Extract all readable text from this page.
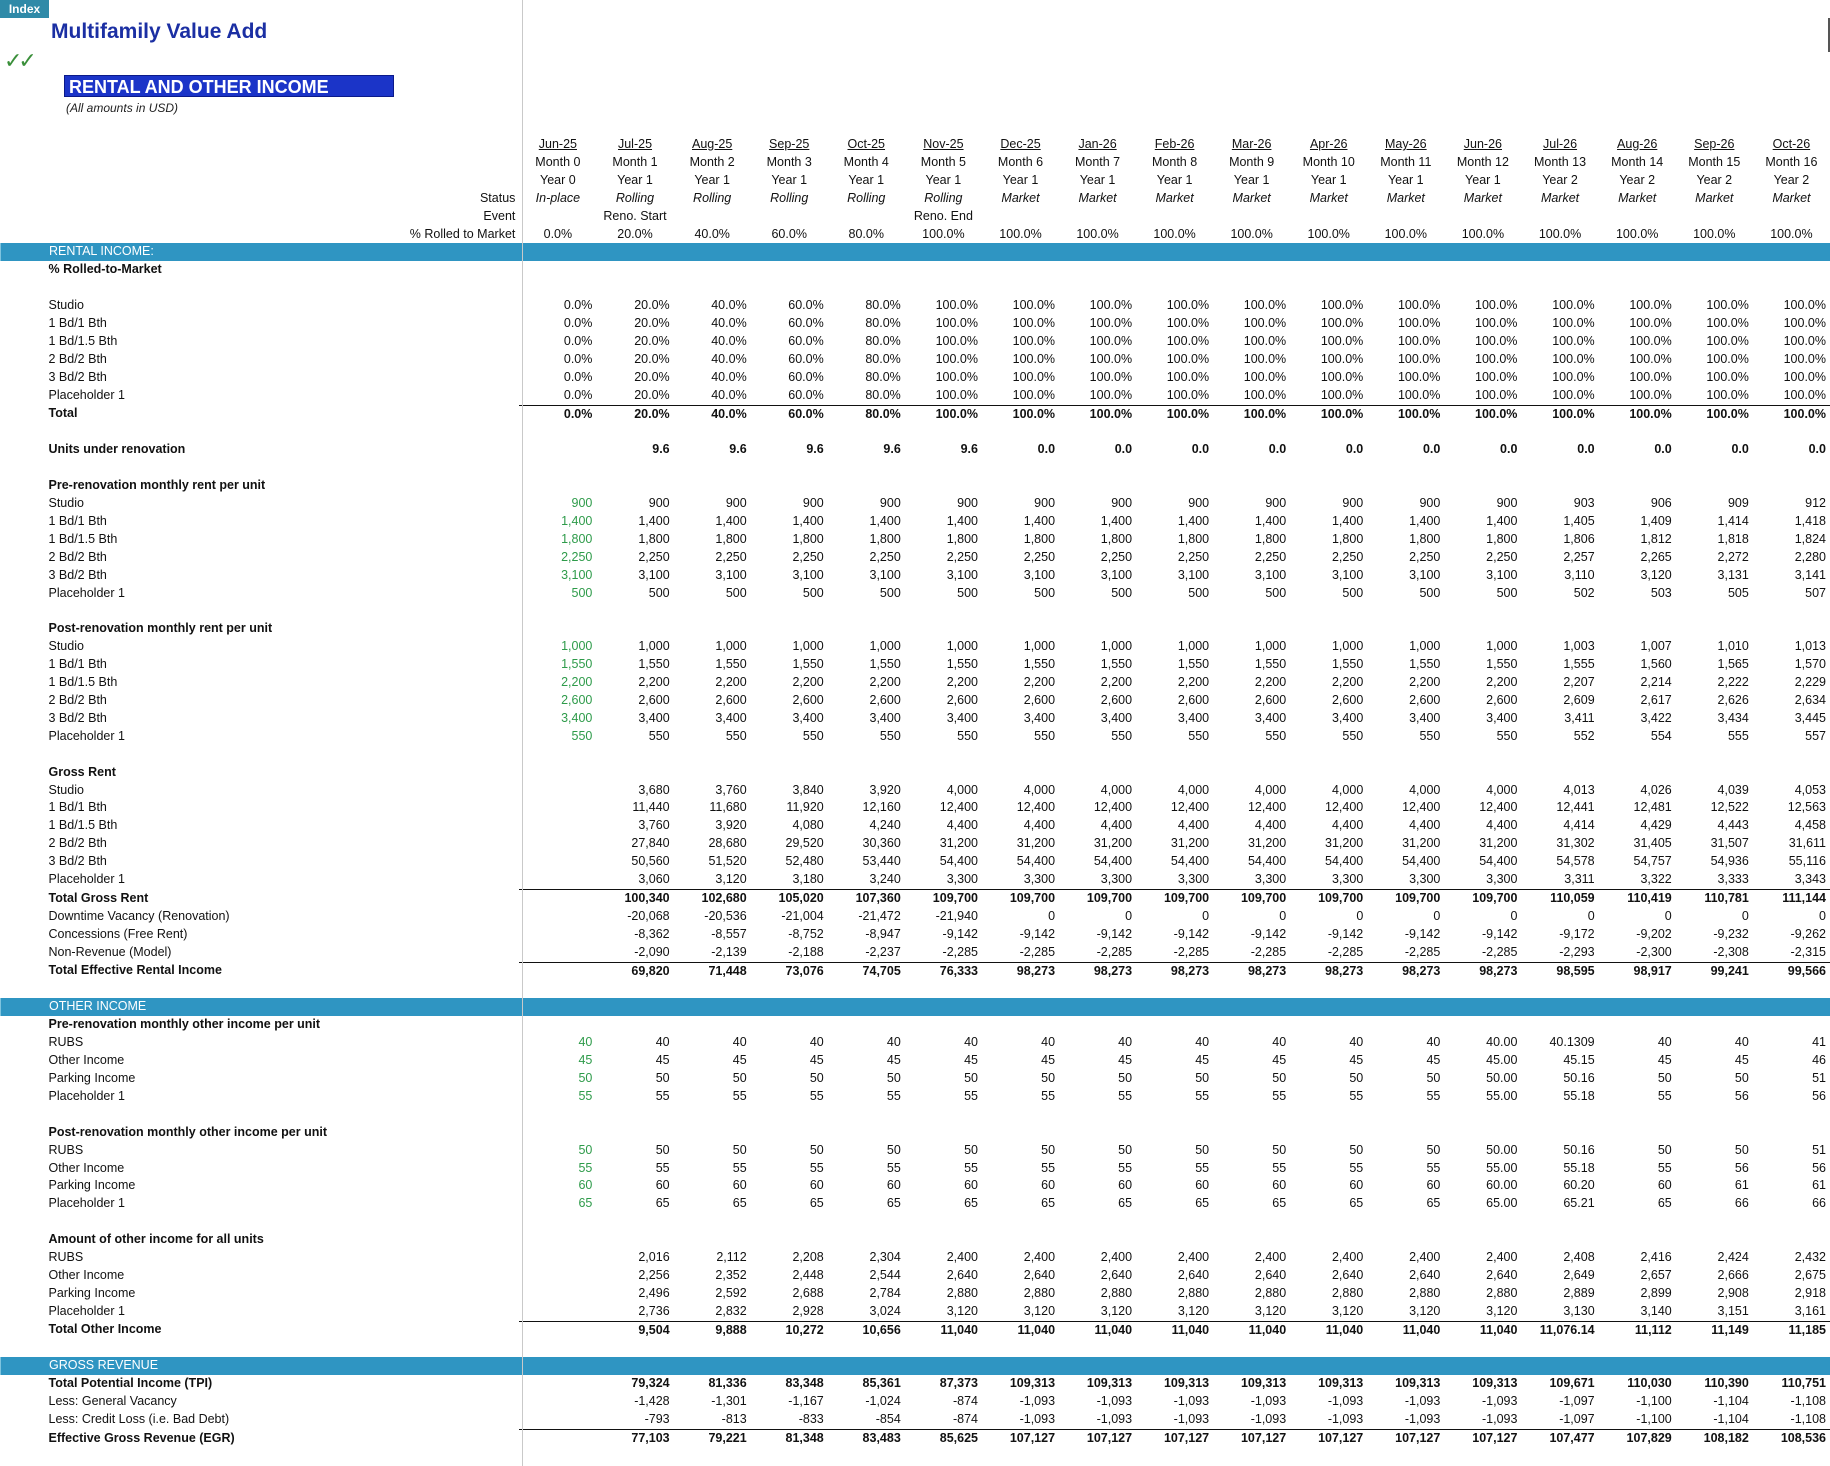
Index
Multifamily Value Add
✓✓
RENTAL AND OTHER INCOME
(All amounts in USD)
	Jun-25	Jul-25	Aug-25	Sep-25	Oct-25	Nov-25	Dec-25	Jan-26	Feb-26	Mar-26	Apr-26	May-26	Jun-26	Jul-26	Aug-26	Sep-26	Oct-26
	Month 0	Month 1	Month 2	Month 3	Month 4	Month 5	Month 6	Month 7	Month 8	Month 9	Month 10	Month 11	Month 12	Month 13	Month 14	Month 15	Month 16
	Year 0	Year 1	Year 1	Year 1	Year 1	Year 1	Year 1	Year 1	Year 1	Year 1	Year 1	Year 1	Year 1	Year 2	Year 2	Year 2	Year 2
Status	In-place	Rolling	Rolling	Rolling	Rolling	Rolling	Market	Market	Market	Market	Market	Market	Market	Market	Market	Market	Market
Event		Reno. Start				Reno. End											
% Rolled to Market	0.0%	20.0%	40.0%	60.0%	80.0%	100.0%	100.0%	100.0%	100.0%	100.0%	100.0%	100.0%	100.0%	100.0%	100.0%	100.0%	100.0%
RENTAL INCOME:																	
% Rolled-to-Market																	

Studio	0.0%	20.0%	40.0%	60.0%	80.0%	100.0%	100.0%	100.0%	100.0%	100.0%	100.0%	100.0%	100.0%	100.0%	100.0%	100.0%	100.0%
1 Bd/1 Bth	0.0%	20.0%	40.0%	60.0%	80.0%	100.0%	100.0%	100.0%	100.0%	100.0%	100.0%	100.0%	100.0%	100.0%	100.0%	100.0%	100.0%
1 Bd/1.5 Bth	0.0%	20.0%	40.0%	60.0%	80.0%	100.0%	100.0%	100.0%	100.0%	100.0%	100.0%	100.0%	100.0%	100.0%	100.0%	100.0%	100.0%
2 Bd/2 Bth	0.0%	20.0%	40.0%	60.0%	80.0%	100.0%	100.0%	100.0%	100.0%	100.0%	100.0%	100.0%	100.0%	100.0%	100.0%	100.0%	100.0%
3 Bd/2 Bth	0.0%	20.0%	40.0%	60.0%	80.0%	100.0%	100.0%	100.0%	100.0%	100.0%	100.0%	100.0%	100.0%	100.0%	100.0%	100.0%	100.0%
Placeholder 1	0.0%	20.0%	40.0%	60.0%	80.0%	100.0%	100.0%	100.0%	100.0%	100.0%	100.0%	100.0%	100.0%	100.0%	100.0%	100.0%	100.0%
Total	0.0%	20.0%	40.0%	60.0%	80.0%	100.0%	100.0%	100.0%	100.0%	100.0%	100.0%	100.0%	100.0%	100.0%	100.0%	100.0%	100.0%

Units under renovation		9.6	9.6	9.6	9.6	9.6	0.0	0.0	0.0	0.0	0.0	0.0	0.0	0.0	0.0	0.0	0.0

Pre-renovation monthly rent per unit																	
Studio	900	900	900	900	900	900	900	900	900	900	900	900	900	903	906	909	912
1 Bd/1 Bth	1,400	1,400	1,400	1,400	1,400	1,400	1,400	1,400	1,400	1,400	1,400	1,400	1,400	1,405	1,409	1,414	1,418
1 Bd/1.5 Bth	1,800	1,800	1,800	1,800	1,800	1,800	1,800	1,800	1,800	1,800	1,800	1,800	1,800	1,806	1,812	1,818	1,824
2 Bd/2 Bth	2,250	2,250	2,250	2,250	2,250	2,250	2,250	2,250	2,250	2,250	2,250	2,250	2,250	2,257	2,265	2,272	2,280
3 Bd/2 Bth	3,100	3,100	3,100	3,100	3,100	3,100	3,100	3,100	3,100	3,100	3,100	3,100	3,100	3,110	3,120	3,131	3,141
Placeholder 1	500	500	500	500	500	500	500	500	500	500	500	500	500	502	503	505	507

Post-renovation monthly rent per unit																	
Studio	1,000	1,000	1,000	1,000	1,000	1,000	1,000	1,000	1,000	1,000	1,000	1,000	1,000	1,003	1,007	1,010	1,013
1 Bd/1 Bth	1,550	1,550	1,550	1,550	1,550	1,550	1,550	1,550	1,550	1,550	1,550	1,550	1,550	1,555	1,560	1,565	1,570
1 Bd/1.5 Bth	2,200	2,200	2,200	2,200	2,200	2,200	2,200	2,200	2,200	2,200	2,200	2,200	2,200	2,207	2,214	2,222	2,229
2 Bd/2 Bth	2,600	2,600	2,600	2,600	2,600	2,600	2,600	2,600	2,600	2,600	2,600	2,600	2,600	2,609	2,617	2,626	2,634
3 Bd/2 Bth	3,400	3,400	3,400	3,400	3,400	3,400	3,400	3,400	3,400	3,400	3,400	3,400	3,400	3,411	3,422	3,434	3,445
Placeholder 1	550	550	550	550	550	550	550	550	550	550	550	550	550	552	554	555	557

Gross Rent																	
Studio		3,680	3,760	3,840	3,920	4,000	4,000	4,000	4,000	4,000	4,000	4,000	4,000	4,013	4,026	4,039	4,053
1 Bd/1 Bth		11,440	11,680	11,920	12,160	12,400	12,400	12,400	12,400	12,400	12,400	12,400	12,400	12,441	12,481	12,522	12,563
1 Bd/1.5 Bth		3,760	3,920	4,080	4,240	4,400	4,400	4,400	4,400	4,400	4,400	4,400	4,400	4,414	4,429	4,443	4,458
2 Bd/2 Bth		27,840	28,680	29,520	30,360	31,200	31,200	31,200	31,200	31,200	31,200	31,200	31,200	31,302	31,405	31,507	31,611
3 Bd/2 Bth		50,560	51,520	52,480	53,440	54,400	54,400	54,400	54,400	54,400	54,400	54,400	54,400	54,578	54,757	54,936	55,116
Placeholder 1		3,060	3,120	3,180	3,240	3,300	3,300	3,300	3,300	3,300	3,300	3,300	3,300	3,311	3,322	3,333	3,343
Total Gross Rent		100,340	102,680	105,020	107,360	109,700	109,700	109,700	109,700	109,700	109,700	109,700	109,700	110,059	110,419	110,781	111,144
Downtime Vacancy (Renovation)		-20,068	-20,536	-21,004	-21,472	-21,940	0	0	0	0	0	0	0	0	0	0	0
Concessions (Free Rent)		-8,362	-8,557	-8,752	-8,947	-9,142	-9,142	-9,142	-9,142	-9,142	-9,142	-9,142	-9,142	-9,172	-9,202	-9,232	-9,262
Non-Revenue (Model)		-2,090	-2,139	-2,188	-2,237	-2,285	-2,285	-2,285	-2,285	-2,285	-2,285	-2,285	-2,285	-2,293	-2,300	-2,308	-2,315
Total Effective Rental Income		69,820	71,448	73,076	74,705	76,333	98,273	98,273	98,273	98,273	98,273	98,273	98,273	98,595	98,917	99,241	99,566

OTHER INCOME																	
Pre-renovation monthly other income per unit																	
RUBS	40	40	40	40	40	40	40	40	40	40	40	40	40.00	40.1309	40	40	41
Other Income	45	45	45	45	45	45	45	45	45	45	45	45	45.00	45.15	45	45	46
Parking Income	50	50	50	50	50	50	50	50	50	50	50	50	50.00	50.16	50	50	51
Placeholder 1	55	55	55	55	55	55	55	55	55	55	55	55	55.00	55.18	55	56	56

Post-renovation monthly other income per unit																	
RUBS	50	50	50	50	50	50	50	50	50	50	50	50	50.00	50.16	50	50	51
Other Income	55	55	55	55	55	55	55	55	55	55	55	55	55.00	55.18	55	56	56
Parking Income	60	60	60	60	60	60	60	60	60	60	60	60	60.00	60.20	60	61	61
Placeholder 1	65	65	65	65	65	65	65	65	65	65	65	65	65.00	65.21	65	66	66

Amount of other income for all units																	
RUBS		2,016	2,112	2,208	2,304	2,400	2,400	2,400	2,400	2,400	2,400	2,400	2,400	2,408	2,416	2,424	2,432
Other Income		2,256	2,352	2,448	2,544	2,640	2,640	2,640	2,640	2,640	2,640	2,640	2,640	2,649	2,657	2,666	2,675
Parking Income		2,496	2,592	2,688	2,784	2,880	2,880	2,880	2,880	2,880	2,880	2,880	2,880	2,889	2,899	2,908	2,918
Placeholder 1		2,736	2,832	2,928	3,024	3,120	3,120	3,120	3,120	3,120	3,120	3,120	3,120	3,130	3,140	3,151	3,161
Total Other Income		9,504	9,888	10,272	10,656	11,040	11,040	11,040	11,040	11,040	11,040	11,040	11,040	11,076.14	11,112	11,149	11,185

GROSS REVENUE																	
Total Potential Income (TPI)		79,324	81,336	83,348	85,361	87,373	109,313	109,313	109,313	109,313	109,313	109,313	109,313	109,671	110,030	110,390	110,751
Less: General Vacancy		-1,428	-1,301	-1,167	-1,024	-874	-1,093	-1,093	-1,093	-1,093	-1,093	-1,093	-1,093	-1,097	-1,100	-1,104	-1,108
Less: Credit Loss (i.e. Bad Debt)		-793	-813	-833	-854	-874	-1,093	-1,093	-1,093	-1,093	-1,093	-1,093	-1,093	-1,097	-1,100	-1,104	-1,108
Effective Gross Revenue (EGR)		77,103	79,221	81,348	83,483	85,625	107,127	107,127	107,127	107,127	107,127	107,127	107,127	107,477	107,829	108,182	108,536
